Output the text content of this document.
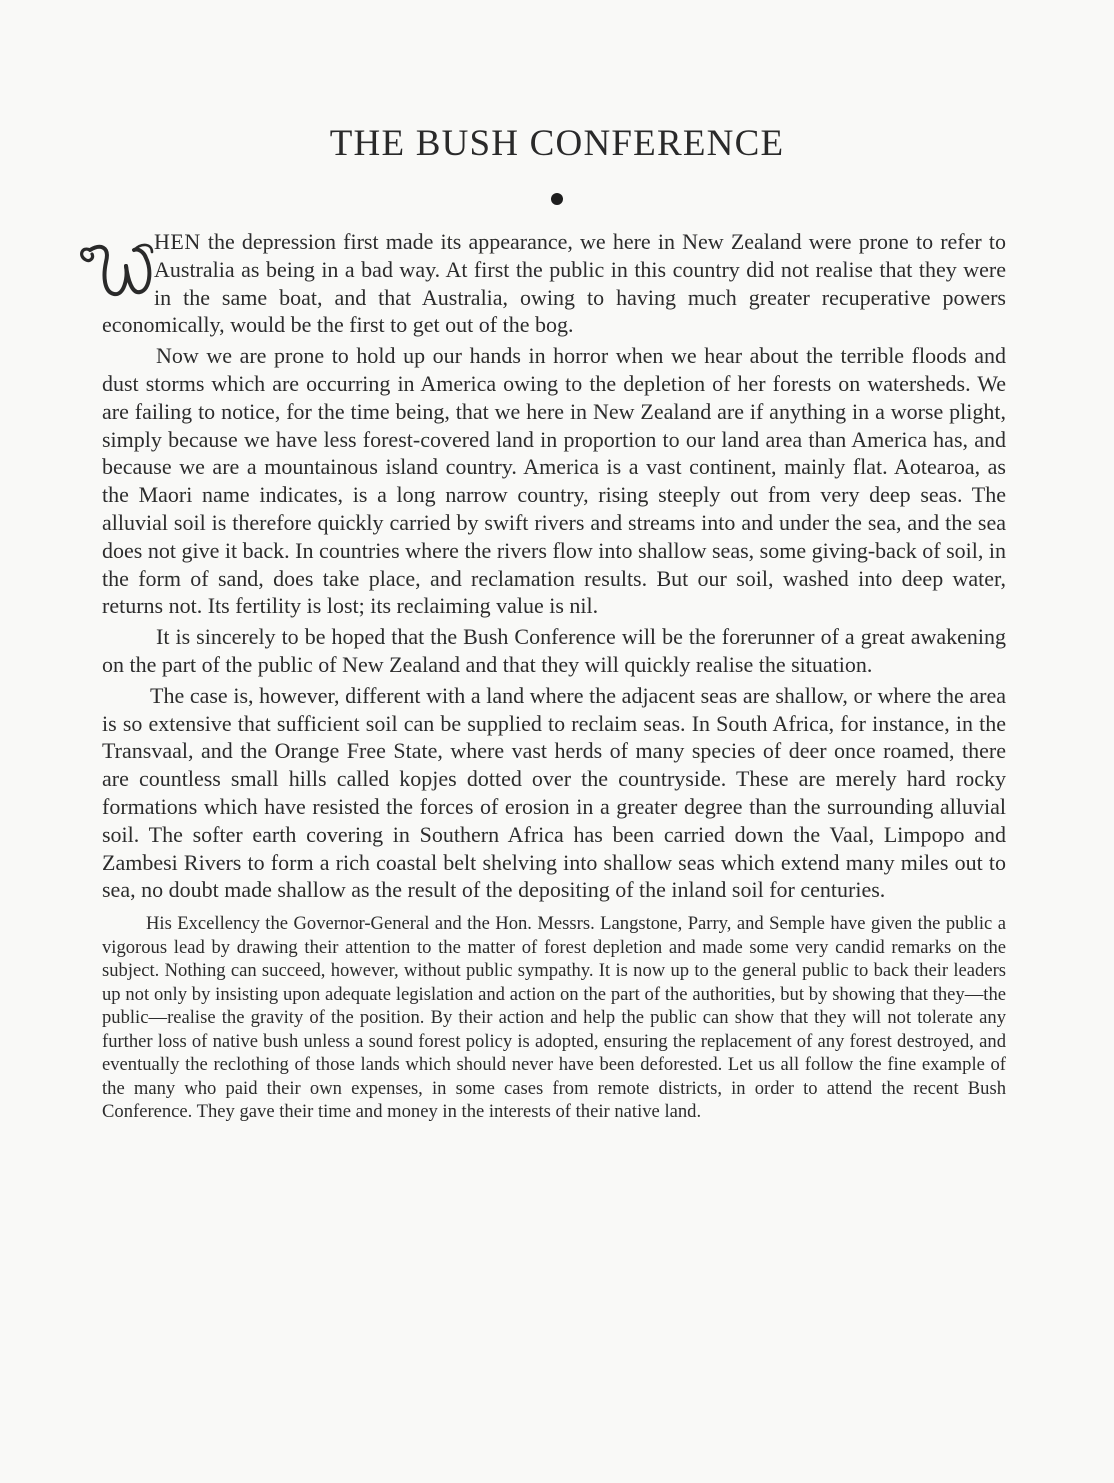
THE BUSH CONFERENCE

HEN the depression first made its appearance, we here in New Zealand were prone to refer to Australia as being in a bad way. At first the public in this country did not realise that they were in the same boat, and that Australia, owing to having much greater recuperative powers economically, would be the first to get out of the bog.

Now we are prone to hold up our hands in horror when we hear about the terrible floods and dust storms which are occurring in America owing to the depletion of her forests on watersheds. We are failing to notice, for the time being, that we here in New Zealand are if anything in a worse plight, simply because we have less forest-covered land in proportion to our land area than America has, and because we are a mountainous island country. America is a vast continent, mainly flat. Aotearoa, as the Maori name indicates, is a long narrow country, rising steeply out from very deep seas. The alluvial soil is therefore quickly carried by swift rivers and streams into and under the sea, and the sea does not give it back. In countries where the rivers flow into shallow seas, some giving-back of soil, in the form of sand, does take place, and reclamation results. But our soil, washed into deep water, returns not. Its fertility is lost; its reclaiming value is nil.

It is sincerely to be hoped that the Bush Conference will be the forerunner of a great awakening on the part of the public of New Zealand and that they will quickly realise the situation.

The case is, however, different with a land where the adjacent seas are shallow, or where the area is so extensive that sufficient soil can be supplied to reclaim seas. In South Africa, for instance, in the Transvaal, and the Orange Free State, where vast herds of many species of deer once roamed, there are countless small hills called kopjes dotted over the countryside. These are merely hard rocky formations which have resisted the forces of erosion in a greater degree than the surrounding alluvial soil. The softer earth covering in Southern Africa has been carried down the Vaal, Limpopo and Zambesi Rivers to form a rich coastal belt shelving into shallow seas which extend many miles out to sea, no doubt made shallow as the result of the depositing of the inland soil for centuries.

His Excellency the Governor-General and the Hon. Messrs. Langstone, Parry, and Semple have given the public a vigorous lead by drawing their attention to the matter of forest depletion and made some very candid remarks on the subject. Nothing can succeed, however, without public sympathy. It is now up to the general public to back their leaders up not only by insisting upon adequate legislation and action on the part of the authorities, but by showing that they—the public—realise the gravity of the position. By their action and help the public can show that they will not tolerate any further loss of native bush unless a sound forest policy is adopted, ensuring the replacement of any forest destroyed, and eventually the reclothing of those lands which should never have been deforested. Let us all follow the fine example of the many who paid their own expenses, in some cases from remote districts, in order to attend the recent Bush Conference. They gave their time and money in the interests of their native land.
